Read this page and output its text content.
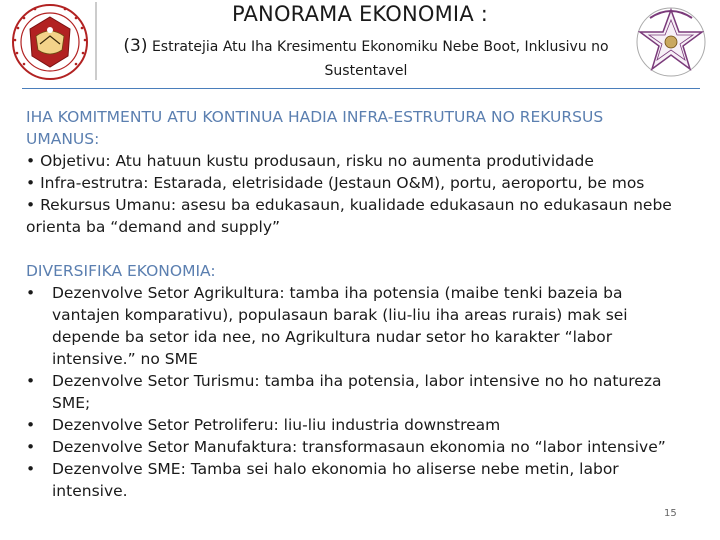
PANORAMA EKONOMIA :
(3) Estratejia Atu Iha Kresimentu Ekonomiku Nebe Boot, Inklusivu no
Sustentavel
IHA KOMITMENTU ATU KONTINUA HADIA INFRA-ESTRUTURA NO REKURSUS
UMANUS:
• Objetivu: Atu hatuun kustu produsaun, risku no aumenta produtividade
• Infra-estrutra: Estarada, eletrisidade (Jestaun O&M), portu, aeroportu, be mos
• Rekursus Umanu: asesu ba edukasaun, kualidade edukasaun no edukasaun nebe
orienta ba “demand and supply”
DIVERSIFIKA EKONOMIA:
• Dezenvolve Setor Agrikultura: tamba iha potensia (maibe tenki bazeia ba
vantajen komparativu), populasaun barak (liu-liu iha areas rurais) mak sei
depende ba setor ida nee, no Agrikultura nudar setor ho karakter “labor
intensive.” no SME
• Dezenvolve Setor Turismu: tamba iha potensia, labor intensive no ho natureza
SME;
• Dezenvolve Setor Petroliferu: liu-liu industria downstream
• Dezenvolve Setor Manufaktura: transformasaun ekonomia no “labor intensive”
• Dezenvolve SME: Tamba sei halo ekonomia ho aliserse nebe metin, labor
intensive.
15
